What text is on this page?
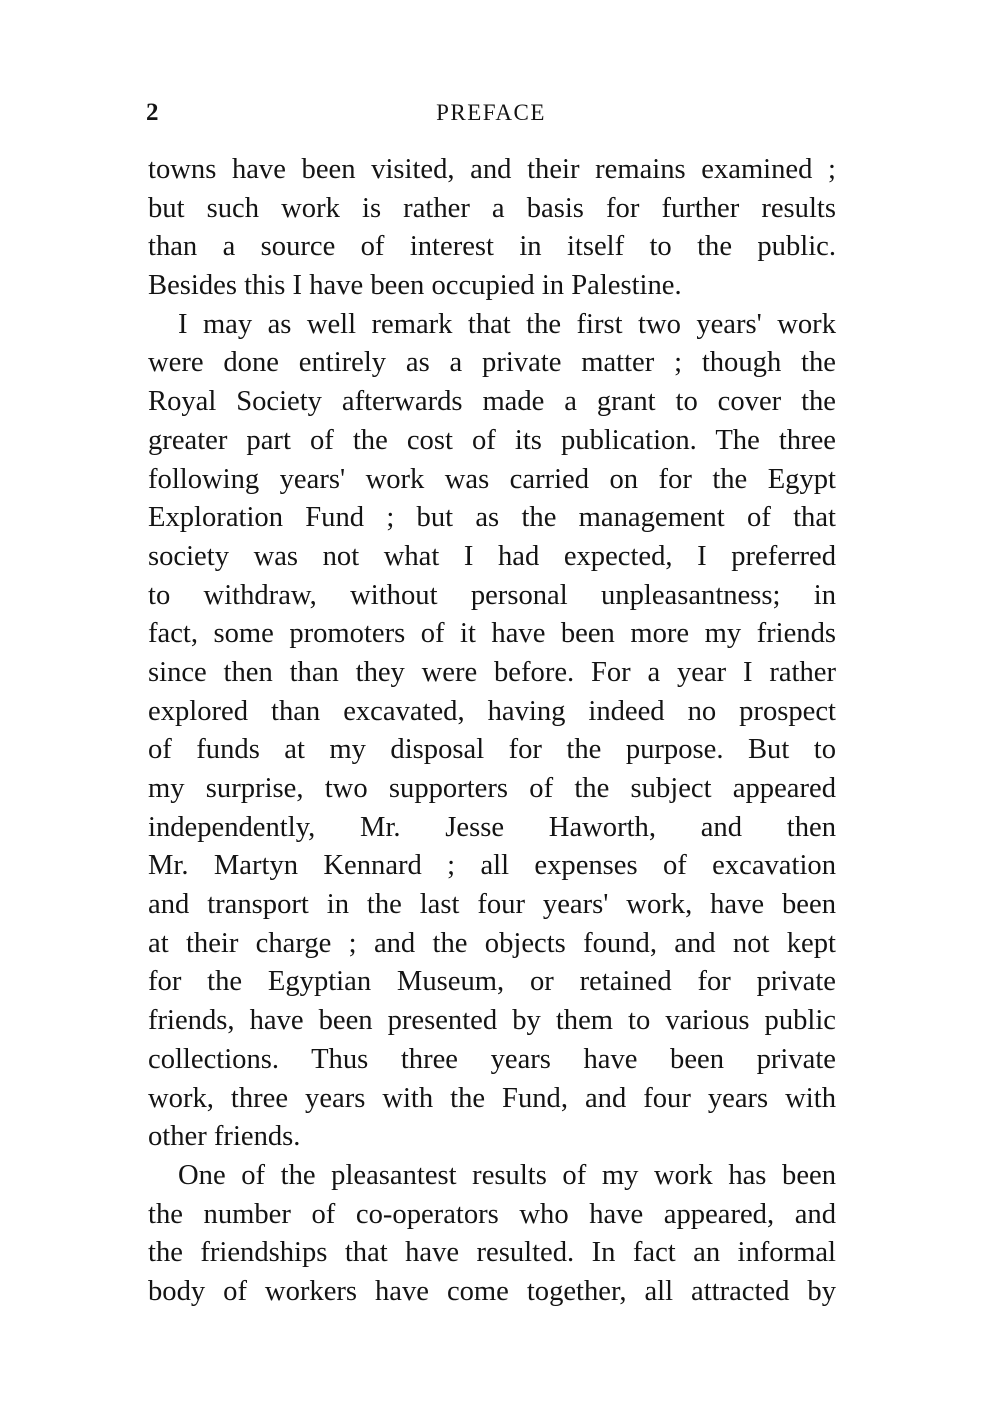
2	PREFACE
towns have been visited, and their remains examined ;
but such work is rather a basis for further results
than a source of interest in itself to the public.
Besides this I have been occupied in Palestine.
I may as well remark that the first two years' work
were done entirely as a private matter ; though the
Royal Society afterwards made a grant to cover the
greater part of the cost of its publication. The three
following years' work was carried on for the Egypt
Exploration Fund ; but as the management of that
society was not what I had expected, I preferred
to withdraw, without personal unpleasantness; in
fact, some promoters of it have been more my friends
since then than they were before. For a year I rather
explored than excavated, having indeed no prospect
of funds at my disposal for the purpose. But to
my surprise, two supporters of the subject appeared
independently, Mr. Jesse Haworth, and then
Mr. Martyn Kennard ; all expenses of excavation
and transport in the last four years' work, have been
at their charge ; and the objects found, and not kept
for the Egyptian Museum, or retained for private
friends, have been presented by them to various public
collections. Thus three years have been private
work, three years with the Fund, and four years with
other friends.
One of the pleasantest results of my work has been
the number of co-operators who have appeared, and
the friendships that have resulted. In fact an informal
body of workers have come together, all attracted by
